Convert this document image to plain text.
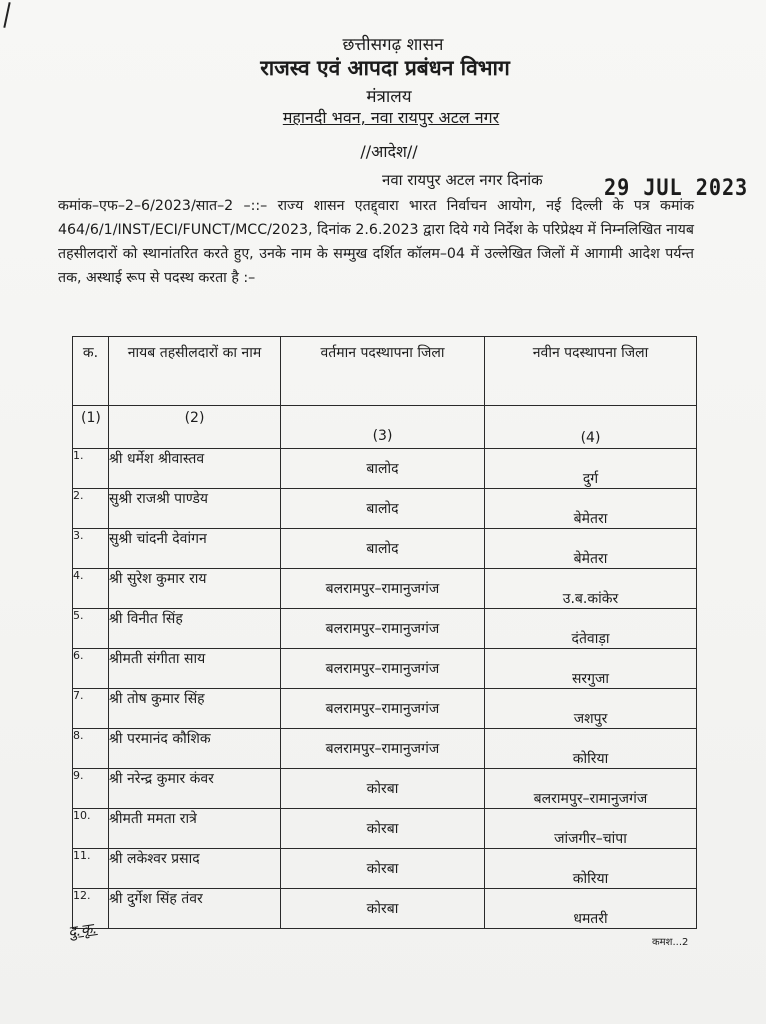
छत्तीसगढ़ शासन
राजस्व एवं आपदा प्रबंधन विभाग
मंत्रालय
महानदी भवन, नवा रायपुर अटल नगर
//आदेश//
नवा रायपुर अटल नगर दिनांक	29 JUL 2023
कमांक–एफ–2–6/2023/सात–2 –::– राज्य शासन एतद्द्वारा भारत निर्वाचन आयोग, नई दिल्ली के पत्र कमांक 464/6/1/INST/ECI/FUNCT/MCC/2023, दिनांक 2.6.2023 द्वारा दिये गये निर्देश के परिप्रेक्ष्य में निम्नलिखित नायब तहसीलदारों को स्थानांतरित करते हुए, उनके नाम के सम्मुख दर्शित कॉलम–04 में उल्लेखित जिलों में आगामी आदेश पर्यन्त तक, अस्थाई रूप से पदस्थ करता है :–
क.	नायब तहसीलदारों का नाम	वर्तमान पदस्थापना जिला	नवीन पदस्थापना जिला
(1)	(2)	(3)	(4)
1.	श्री धर्मेश श्रीवास्तव	बालोद	दुर्ग
2.	सुश्री राजश्री पाण्डेय	बालोद	बेमेतरा
3.	सुश्री चांदनी देवांगन	बालोद	बेमेतरा
4.	श्री सुरेश कुमार राय	बलरामपुर–रामानुजगंज	उ.ब.कांकेर
5.	श्री विनीत सिंह	बलरामपुर–रामानुजगंज	दंतेवाड़ा
6.	श्रीमती संगीता साय	बलरामपुर–रामानुजगंज	सरगुजा
7.	श्री तोष कुमार सिंह	बलरामपुर–रामानुजगंज	जशपुर
8.	श्री परमानंद कौशिक	बलरामपुर–रामानुजगंज	कोरिया
9.	श्री नरेन्द्र कुमार कंवर	कोरबा	बलरामपुर–रामानुजगंज
10.	श्रीमती ममता रात्रे	कोरबा	जांजगीर–चांपा
11.	श्री लकेश्वर प्रसाद	कोरबा	कोरिया
12.	श्री दुर्गेश सिंह तंवर	कोरबा	धमतरी
दु.कृ.
कमश...2
